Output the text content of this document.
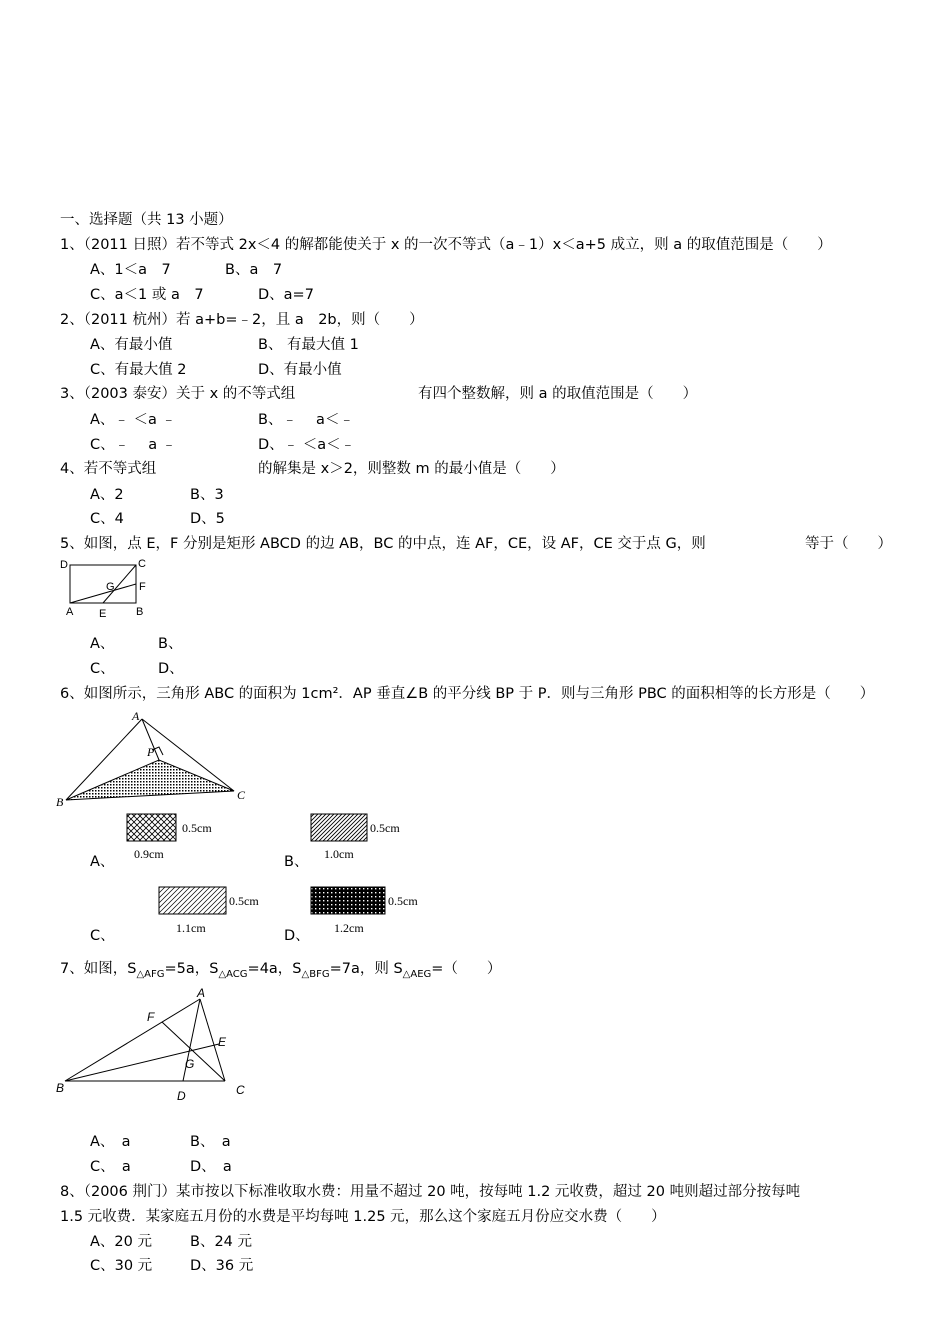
一、选择题（共 13 小题）
1、（2011 日照）若不等式 2x＜4 的解都能使关于 x 的一次不等式（a﹣1）x＜a+5 成立，则 a 的取值范围是（　　）
A、1＜a　7	B、a　7
C、a＜1 或 a　7	D、a=7
2、（2011 杭州）若 a+b=﹣2，且 a　2b，则（　　）
A、有最小值	B、 有最大值 1
C、有最大值 2	D、有最小值
3、（2003 泰安）关于 x 的不等式组	有四个整数解，则 a 的取值范围是（　　）
A、﹣ ＜a ﹣	B、﹣　 a＜﹣
C、﹣　 a ﹣	D、﹣ ＜a＜﹣
4、若不等式组	的解集是 x＞2，则整数 m 的最小值是（　　）
A、2	B、3
C、4	D、5
5、如图，点 E，F 分别是矩形 ABCD 的边 AB，BC 的中点，连 AF，CE，设 AF，CE 交于点 G，则	等于（　　）
D	C
G F
A E	B
A、	B、
C、	D、
6、如图所示，三角形 ABC 的面积为 1cm²．AP 垂直∠B 的平分线 BP 于 P．则与三角形 PBC 的面积相等的长方形是（　　）
A
P
B	C
0.5cm
0.9cm
A、
0.5cm
1.0cm
B、
0.5cm
1.1cm
C、
0.5cm
1.2cm
D、
7、如图，$S_{\triangle AFG}=5a$，$S_{\triangle ACG}=4a$，$S_{\triangle BFG}=7a$，则 $S_{\triangle AEG}=$（　　）
A
F
E
G
B
D	C
A、　a	B、　a
C、　a	D、　a
8、（2006 荆门）某市按以下标准收取水费：用量不超过 20 吨，按每吨 1.2 元收费，超过 20 吨则超过部分按每吨
1.5 元收费．某家庭五月份的水费是平均每吨 1.25 元，那么这个家庭五月份应交水费（　　）
A、20 元	B、24 元
C、30 元	D、36 元
